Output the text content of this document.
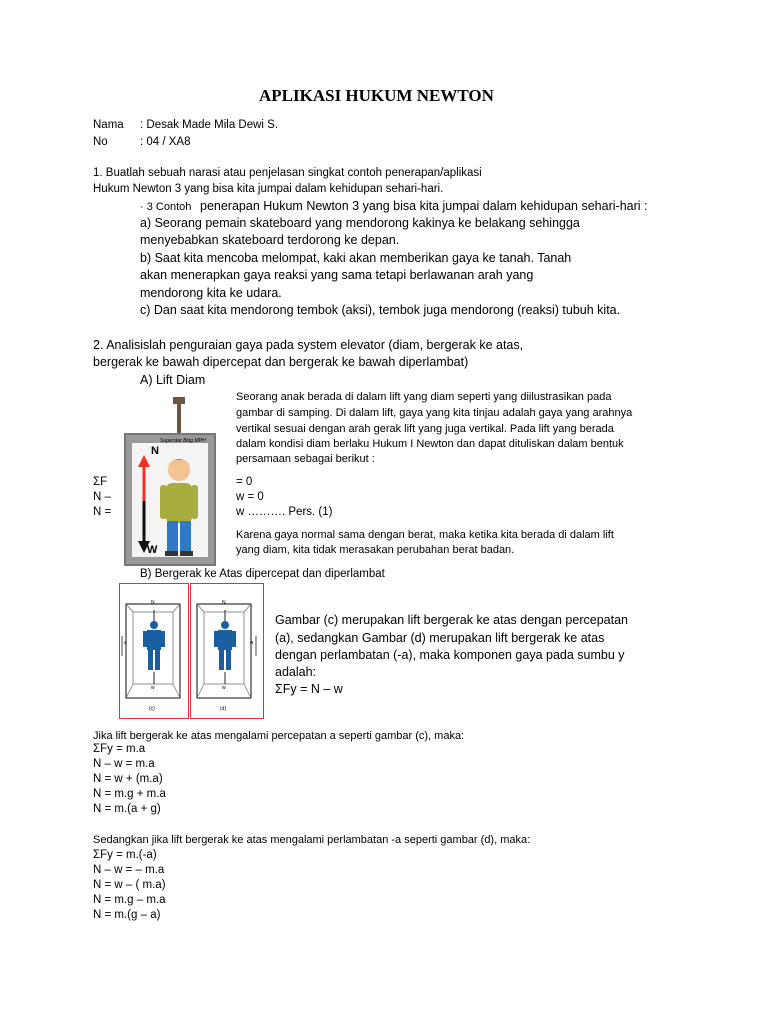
APLIKASI HUKUM NEWTON
Nama : Desak Made Mila Dewi S.
No	: 04 / XA8
1. Buatlah sebuah narasi atau penjelasan singkat contoh penerapan/aplikasi
Hukum Newton 3 yang bisa kita jumpai dalam kehidupan sehari-hari.
· 3 Contoh penerapan Hukum Newton 3 yang bisa kita jumpai dalam kehidupan sehari-hari :
a) Seorang pemain skateboard yang mendorong kakinya ke belakang sehingga
menyebabkan skateboard terdorong ke depan.
b) Saat kita mencoba melompat, kaki akan memberikan gaya ke tanah. Tanah
akan menerapkan gaya reaksi yang sama tetapi berlawanan arah yang
mendorong kita ke udara.
c) Dan saat kita mendorong tembok (aksi), tembok juga mendorong (reaksi) tubuh kita.
2. Analisislah penguraian gaya pada system elevator (diam, bergerak ke atas,
bergerak ke bawah dipercepat dan bergerak ke bawah diperlambat)
A) Lift Diam
Superstar Blog MPH
N
W
Seorang anak berada di dalam lift yang diam seperti yang diilustrasikan pada
gambar di samping. Di dalam lift, gaya yang kita tinjau adalah gaya yang arahnya
vertikal sesuai dengan arah gerak lift yang juga vertikal. Pada lift yang berada
dalam kondisi diam berlaku Hukum I Newton dan dapat dituliskan dalam bentuk
persamaan sebagai berikut :
ΣF
N –
N =
= 0
w = 0
w ………. Pers. (1)
Karena gaya normal sama dengan berat, maka ketika kita berada di dalam lift
yang diam, kita tidak merasakan perubahan berat badan.
B) Bergerak ke Atas dipercepat dan diperlambat
N
w
a
(c)
N
w
-a
(d)
Gambar (c) merupakan lift bergerak ke atas dengan percepatan
(a), sedangkan Gambar (d) merupakan lift bergerak ke atas
dengan perlambatan (-a), maka komponen gaya pada sumbu y
adalah:
ΣFy = N – w
Jika lift bergerak ke atas mengalami percepatan a seperti gambar (c), maka:
ΣFy = m.a
N – w = m.a
N = w + (m.a)
N = m.g + m.a
N = m.(a + g)
Sedangkan jika lift bergerak ke atas mengalami perlambatan -a seperti gambar (d), maka:
ΣFy = m.(-a)
N – w = – m.a
N = w – ( m.a)
N = m.g – m.a
N = m.(g – a)
